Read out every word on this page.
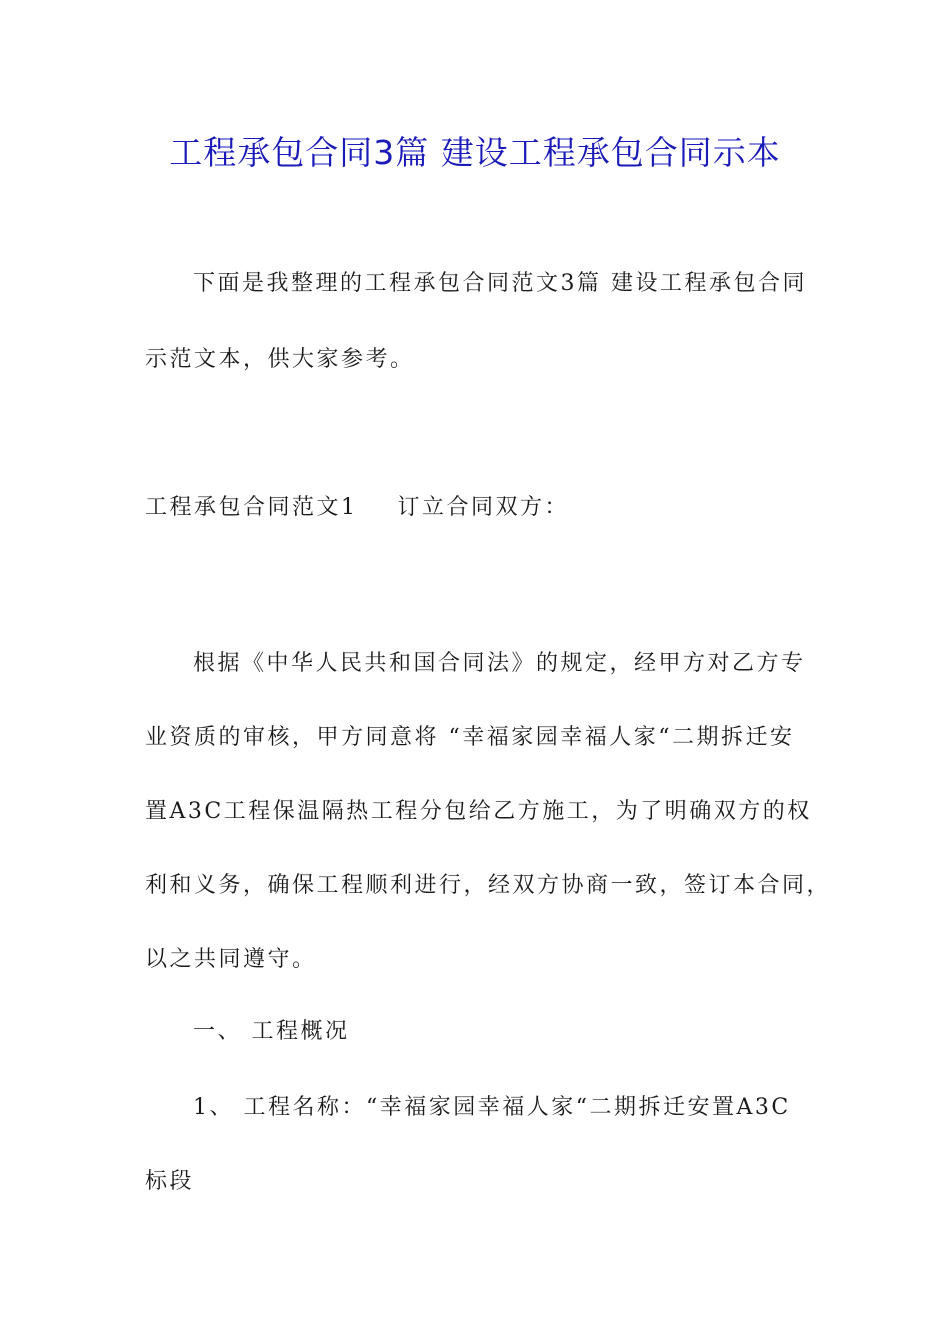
工程承包合同3篇 建设工程承包合同示本
下面是我整理的工程承包合同范文3篇 建设工程承包合同
示范文本，供大家参考。
工程承包合同范文1 订立合同双方：
根据《中华人民共和国合同法》的规定，经甲方对乙方专
业资质的审核，甲方同意将 “幸福家园幸福人家“二期拆迁安
置A3C工程保温隔热工程分包给乙方施工，为了明确双方的权
利和义务，确保工程顺利进行，经双方协商一致，签订本合同，
以之共同遵守。
一、 工程概况
1、 工程名称：“幸福家园幸福人家“二期拆迁安置A3C
标段
